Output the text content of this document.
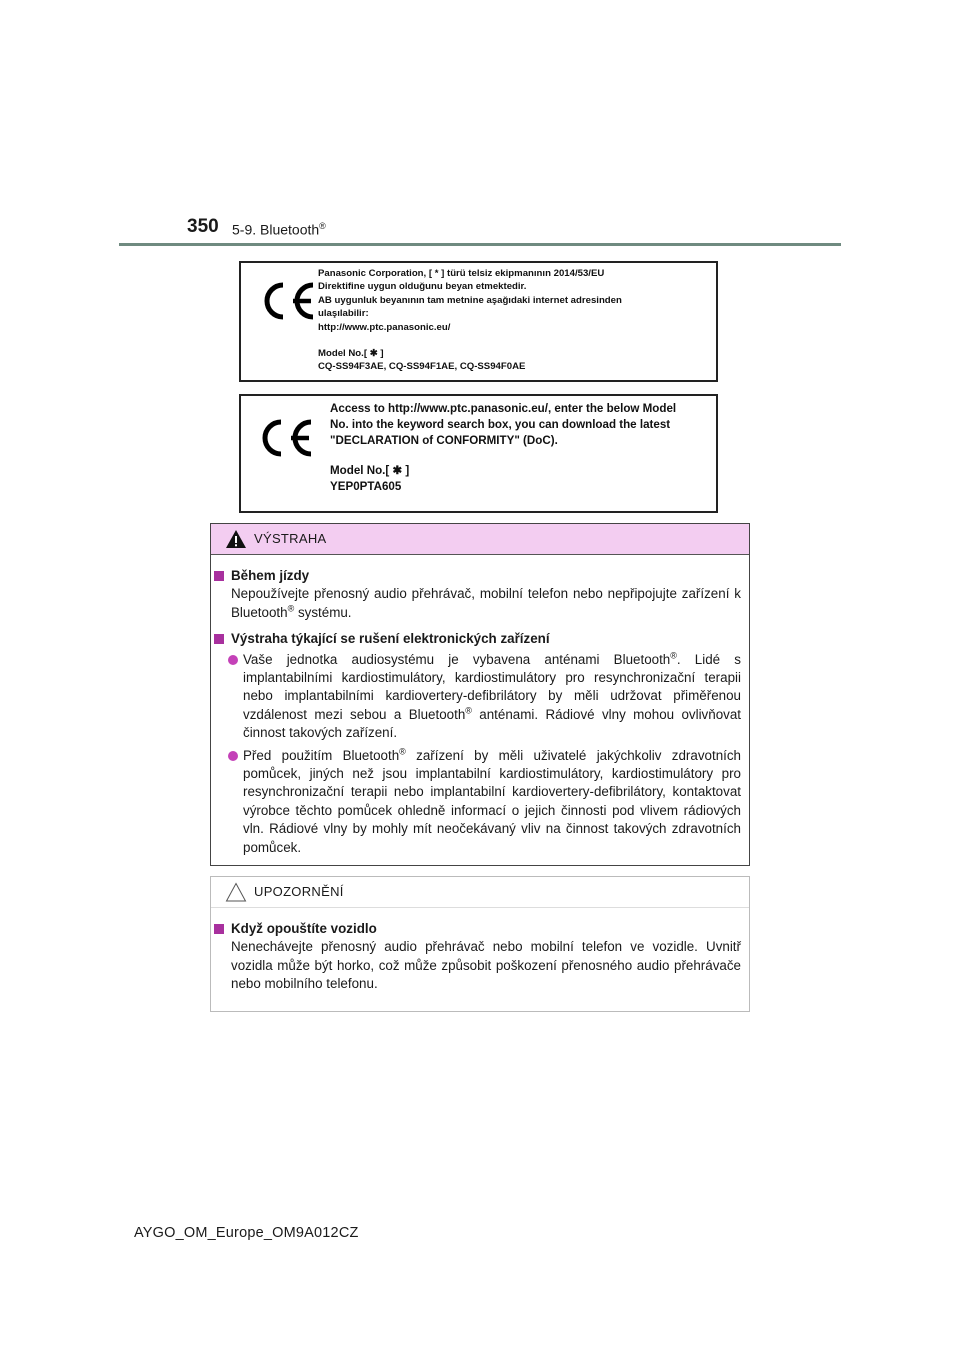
350 5-9. Bluetooth®
Panasonic Corporation, [ * ] türü telsiz ekipmanının 2014/53/EU
Direktifine uygun olduğunu beyan etmektedir.
AB uygunluk beyanının tam metnine aşağıdaki internet adresinden
ulaşılabilir:
http://www.ptc.panasonic.eu/
Model No.[ ✱ ]
CQ-SS94F3AE, CQ-SS94F1AE, CQ-SS94F0AE
Access to http://www.ptc.panasonic.eu/, enter the below Model
No. into the keyword search box, you can download the latest
"DECLARATION of CONFORMITY" (DoC).
Model No.[ ✱ ]
YEP0PTA605
VÝSTRAHA
Během jízdy
Nepoužívejte přenosný audio přehrávač, mobilní telefon nebo nepřipojujte zařízení k Bluetooth® systému.
Výstraha týkající se rušení elektronických zařízení
Vaše jednotka audiosystému je vybavena anténami Bluetooth®. Lidé s implantabilními kardiostimulátory, kardiostimulátory pro resynchronizační terapii nebo implantabilními kardiovertery-defibrilátory by měli udržovat přiměřenou vzdálenost mezi sebou a Bluetooth® anténami. Rádiové vlny mohou ovlivňovat činnost takových zařízení.
Před použitím Bluetooth® zařízení by měli uživatelé jakýchkoliv zdravotních pomůcek, jiných než jsou implantabilní kardiostimulátory, kardiostimulátory pro resynchronizační terapii nebo implantabilní kardiovertery-defibrilátory, kontaktovat výrobce těchto pomůcek ohledně informací o jejich činnosti pod vlivem rádiových vln. Rádiové vlny by mohly mít neočekávaný vliv na činnost takových zdravotních pomůcek.
UPOZORNĚNÍ
Když opouštíte vozidlo
Nenechávejte přenosný audio přehrávač nebo mobilní telefon ve vozidle. Uvnitř vozidla může být horko, což může způsobit poškození přenosného audio přehrávače nebo mobilního telefonu.
AYGO_OM_Europe_OM9A012CZ
